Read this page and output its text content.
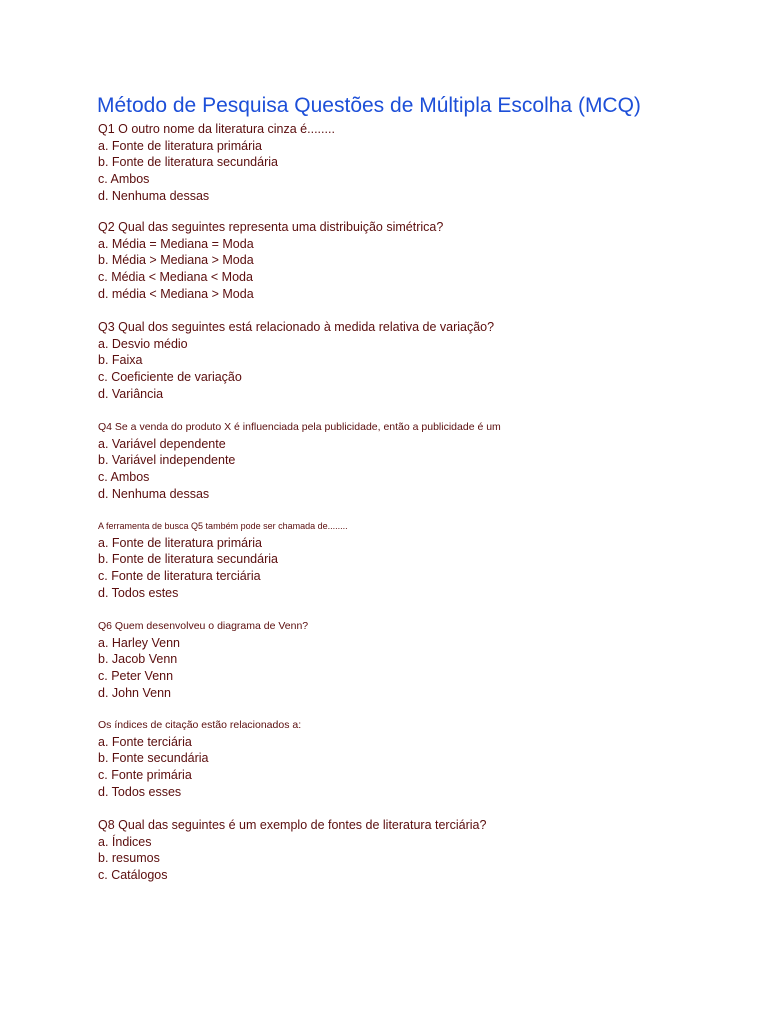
Método de Pesquisa Questões de Múltipla Escolha (MCQ)
Q1 O outro nome da literatura cinza é........
a. Fonte de literatura primária
b. Fonte de literatura secundária
c. Ambos
d. Nenhuma dessas
Q2 Qual das seguintes representa uma distribuição simétrica?
a. Média = Mediana = Moda
b. Média > Mediana > Moda
c. Média < Mediana < Moda
d. média < Mediana > Moda
Q3 Qual dos seguintes está relacionado à medida relativa de variação?
a. Desvio médio
b. Faixa
c. Coeficiente de variação
d. Variância
Q4 Se a venda do produto X é influenciada pela publicidade, então a publicidade é um
a. Variável dependente
b. Variável independente
c. Ambos
d. Nenhuma dessas
A ferramenta de busca Q5 também pode ser chamada de........
a. Fonte de literatura primária
b. Fonte de literatura secundária
c. Fonte de literatura terciária
d. Todos estes
Q6 Quem desenvolveu o diagrama de Venn?
a. Harley Venn
b. Jacob Venn
c. Peter Venn
d. John Venn
Os índices de citação estão relacionados a:
a. Fonte terciária
b. Fonte secundária
c. Fonte primária
d. Todos esses
Q8 Qual das seguintes é um exemplo de fontes de literatura terciária?
a. Índices
b. resumos
c. Catálogos
